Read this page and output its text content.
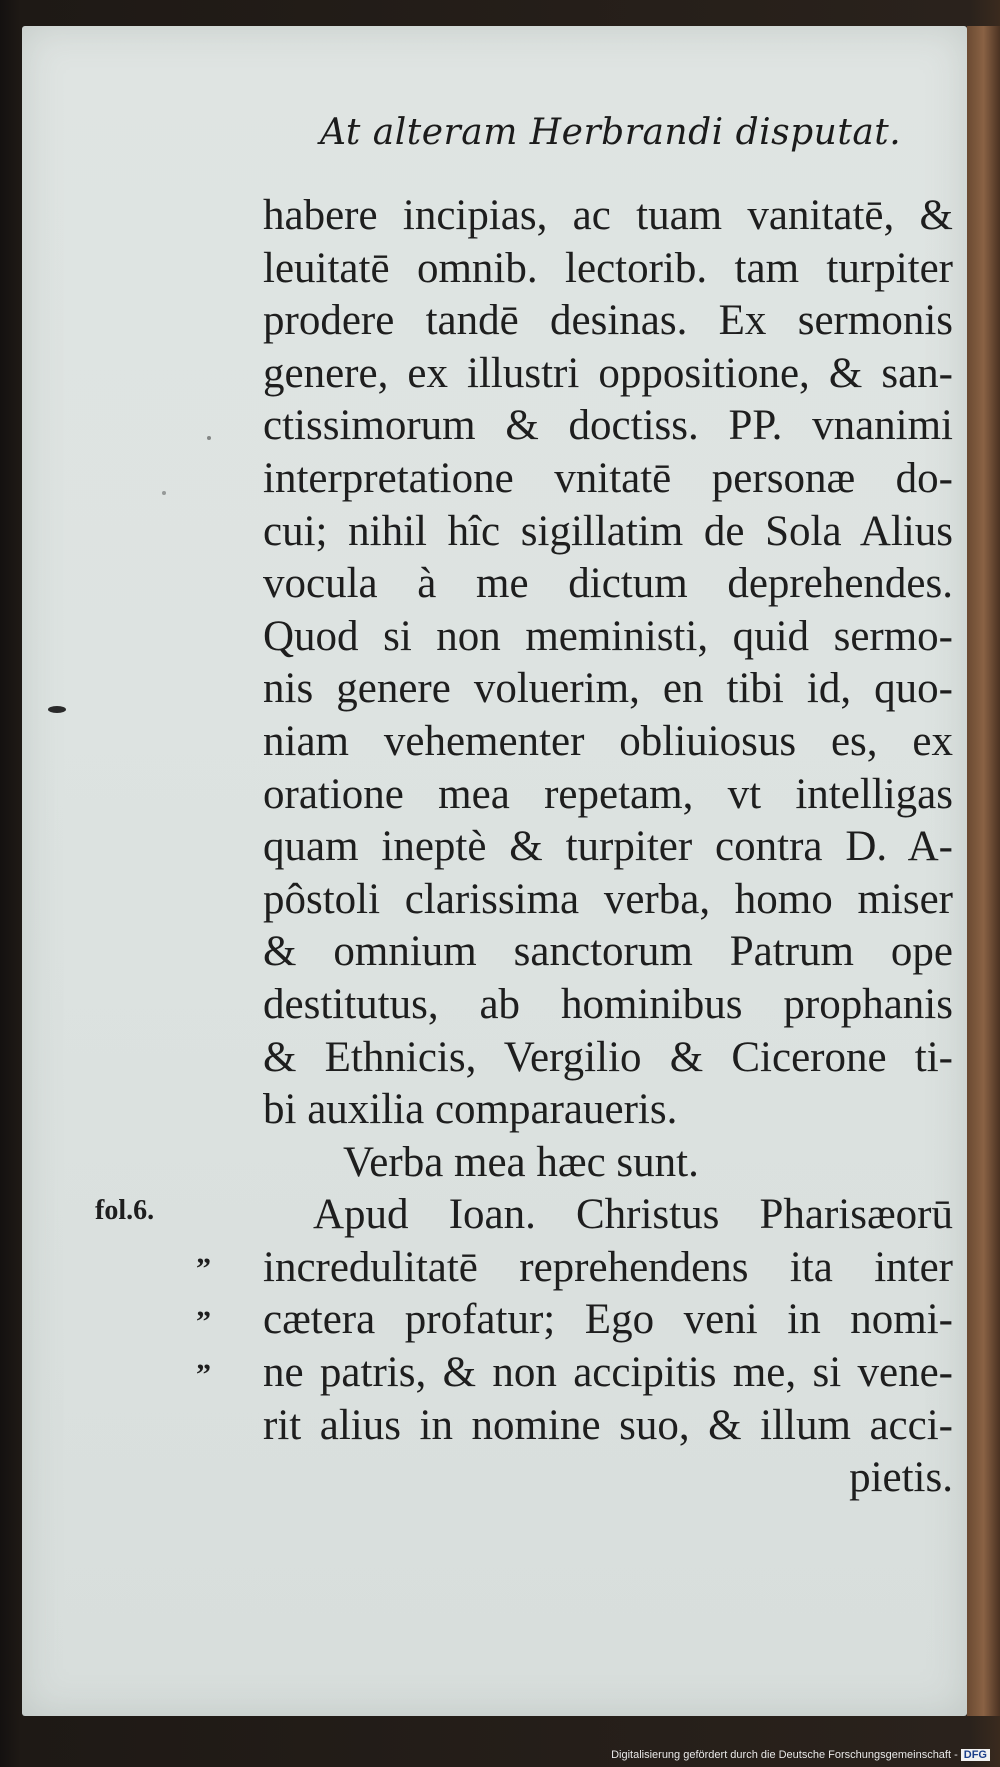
At alteram Herbrandi disputat.
habere incipias, ac tuam vanitatē, &
leuitatē omnib. lectorib. tam turpiter
prodere tandē desinas. Ex sermonis
genere, ex illustri oppositione, & san-
ctissimorum & doctiss. PP. vnanimi
interpretatione vnitatē personæ do-
cui; nihil hîc sigillatim de Sola Alius
vocula à me dictum deprehendes.
Quod si non meministi, quid sermo-
nis genere voluerim, en tibi id, quo-
niam vehementer obliuiosus es, ex
oratione mea repetam, vt intelligas
quam ineptè & turpiter contra D. A-
pôstoli clarissima verba, homo miser
& omnium sanctorum Patrum ope
destitutus, ab hominibus prophanis
& Ethnicis, Vergilio & Cicerone ti-
bi auxilia comparaueris.
Verba mea hæc sunt.
Apud Ioan. Christus Pharisæorū
incredulitatē reprehendens ita inter
cætera profatur; Ego veni in nomi-
ne patris, & non accipitis me, si vene-
rit alius in nomine suo, & illum acci-
pietis.
fol.6.
”
”
”
Digitalisierung gefördert durch die Deutsche Forschungsgemeinschaft - DFG
